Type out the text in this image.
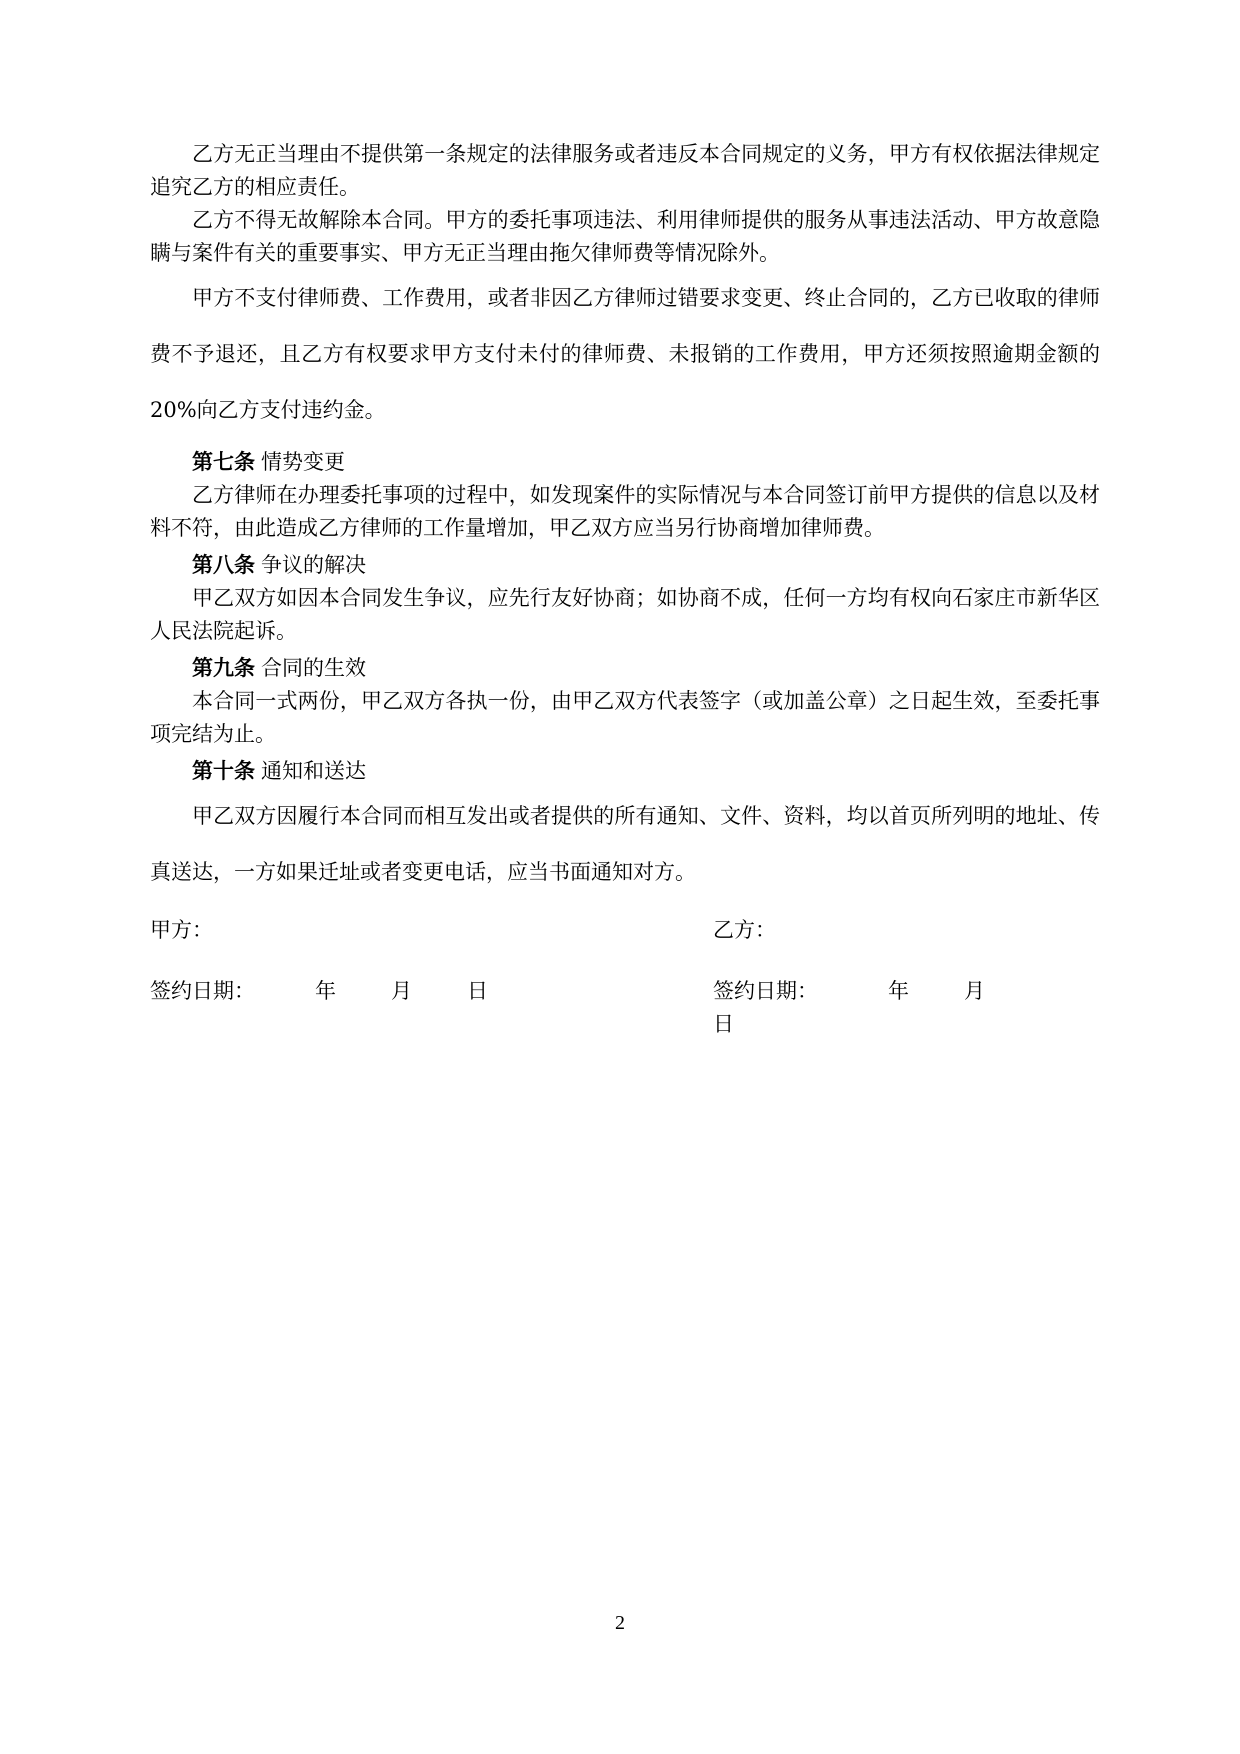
乙方无正当理由不提供第一条规定的法律服务或者违反本合同规定的义务，甲方有权依据法律规定追究乙方的相应责任。

乙方不得无故解除本合同。甲方的委托事项违法、利用律师提供的服务从事违法活动、甲方故意隐瞒与案件有关的重要事实、甲方无正当理由拖欠律师费等情况除外。

甲方不支付律师费、工作费用，或者非因乙方律师过错要求变更、终止合同的，乙方已收取的律师费不予退还，且乙方有权要求甲方支付未付的律师费、未报销的工作费用，甲方还须按照逾期金额的20%向乙方支付违约金。

第七条 情势变更

乙方律师在办理委托事项的过程中，如发现案件的实际情况与本合同签订前甲方提供的信息以及材料不符，由此造成乙方律师的工作量增加，甲乙双方应当另行协商增加律师费。

第八条 争议的解决

甲乙双方如因本合同发生争议，应先行友好协商；如协商不成，任何一方均有权向石家庄市新华区人民法院起诉。

第九条 合同的生效

本合同一式两份，甲乙双方各执一份，由甲乙双方代表签字（或加盖公章）之日起生效，至委托事项完结为止。

第十条 通知和送达

甲乙双方因履行本合同而相互发出或者提供的所有通知、文件、资料，均以首页所列明的地址、传真送达，一方如果迁址或者变更电话，应当书面通知对方。

甲方：	乙方：
签约日期：	年	月	日	签约日期：	年	月日
2
